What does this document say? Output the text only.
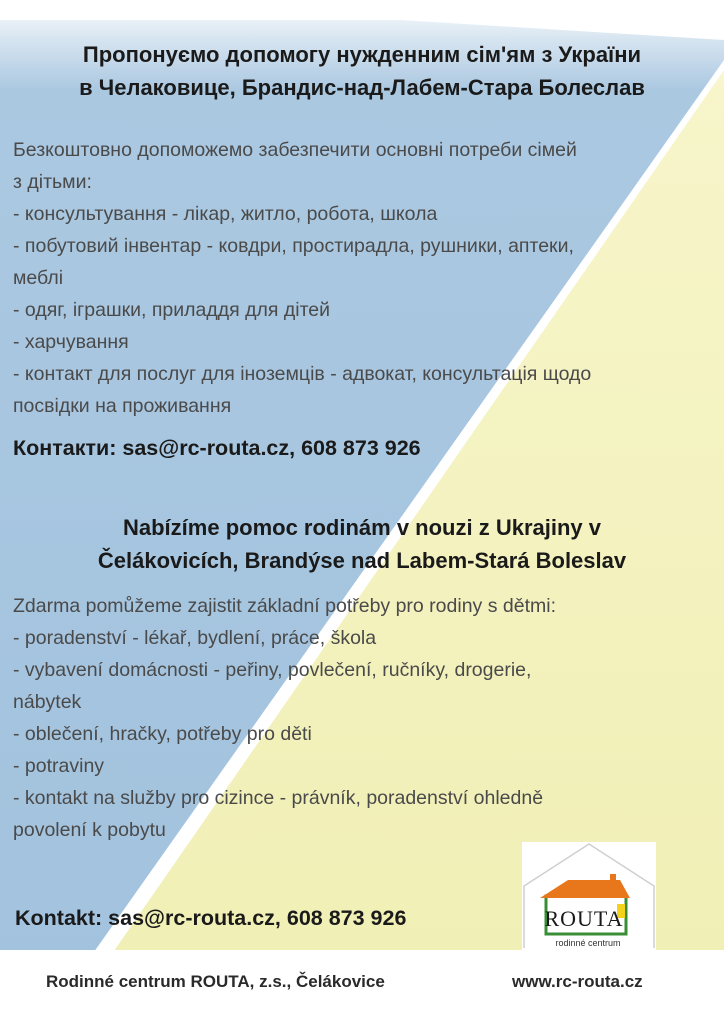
Пропонуємо допомогу нужденним сім'ям з України
в Челаковице, Брандис-над-Лабем-Стара Болеслав
Безкоштовно допоможемо забезпечити основні потреби сімей
з дітьми:
- консультування - лікар, житло, робота, школа
- побутовий інвентар - ковдри, простирадла, рушники, аптеки,
меблі
- одяг, іграшки, приладдя для дітей
- харчування
- контакт для послуг для іноземців - адвокат, консультація щодо
посвідки на проживання
Контакти: sas@rc-routa.cz, 608 873 926
Nabízíme pomoc rodinám v nouzi z Ukrajiny v
Čelákovicích, Brandýse nad Labem-Stará Boleslav
Zdarma pomůžeme zajistit základní potřeby pro rodiny s dětmi:
- poradenství - lékař, bydlení, práce, škola
- vybavení domácnosti - peřiny, povlečení, ručníky, drogerie,
nábytek
- oblečení, hračky, potřeby pro děti
- potraviny
- kontakt na služby pro cizince - právník, poradenství ohledně
povolení k pobytu
Kontakt: sas@rc-routa.cz, 608 873 926	ROUTA
rodinné centrum
Rodinné centrum ROUTA, z.s., Čelákovice	www.rc-routa.cz
